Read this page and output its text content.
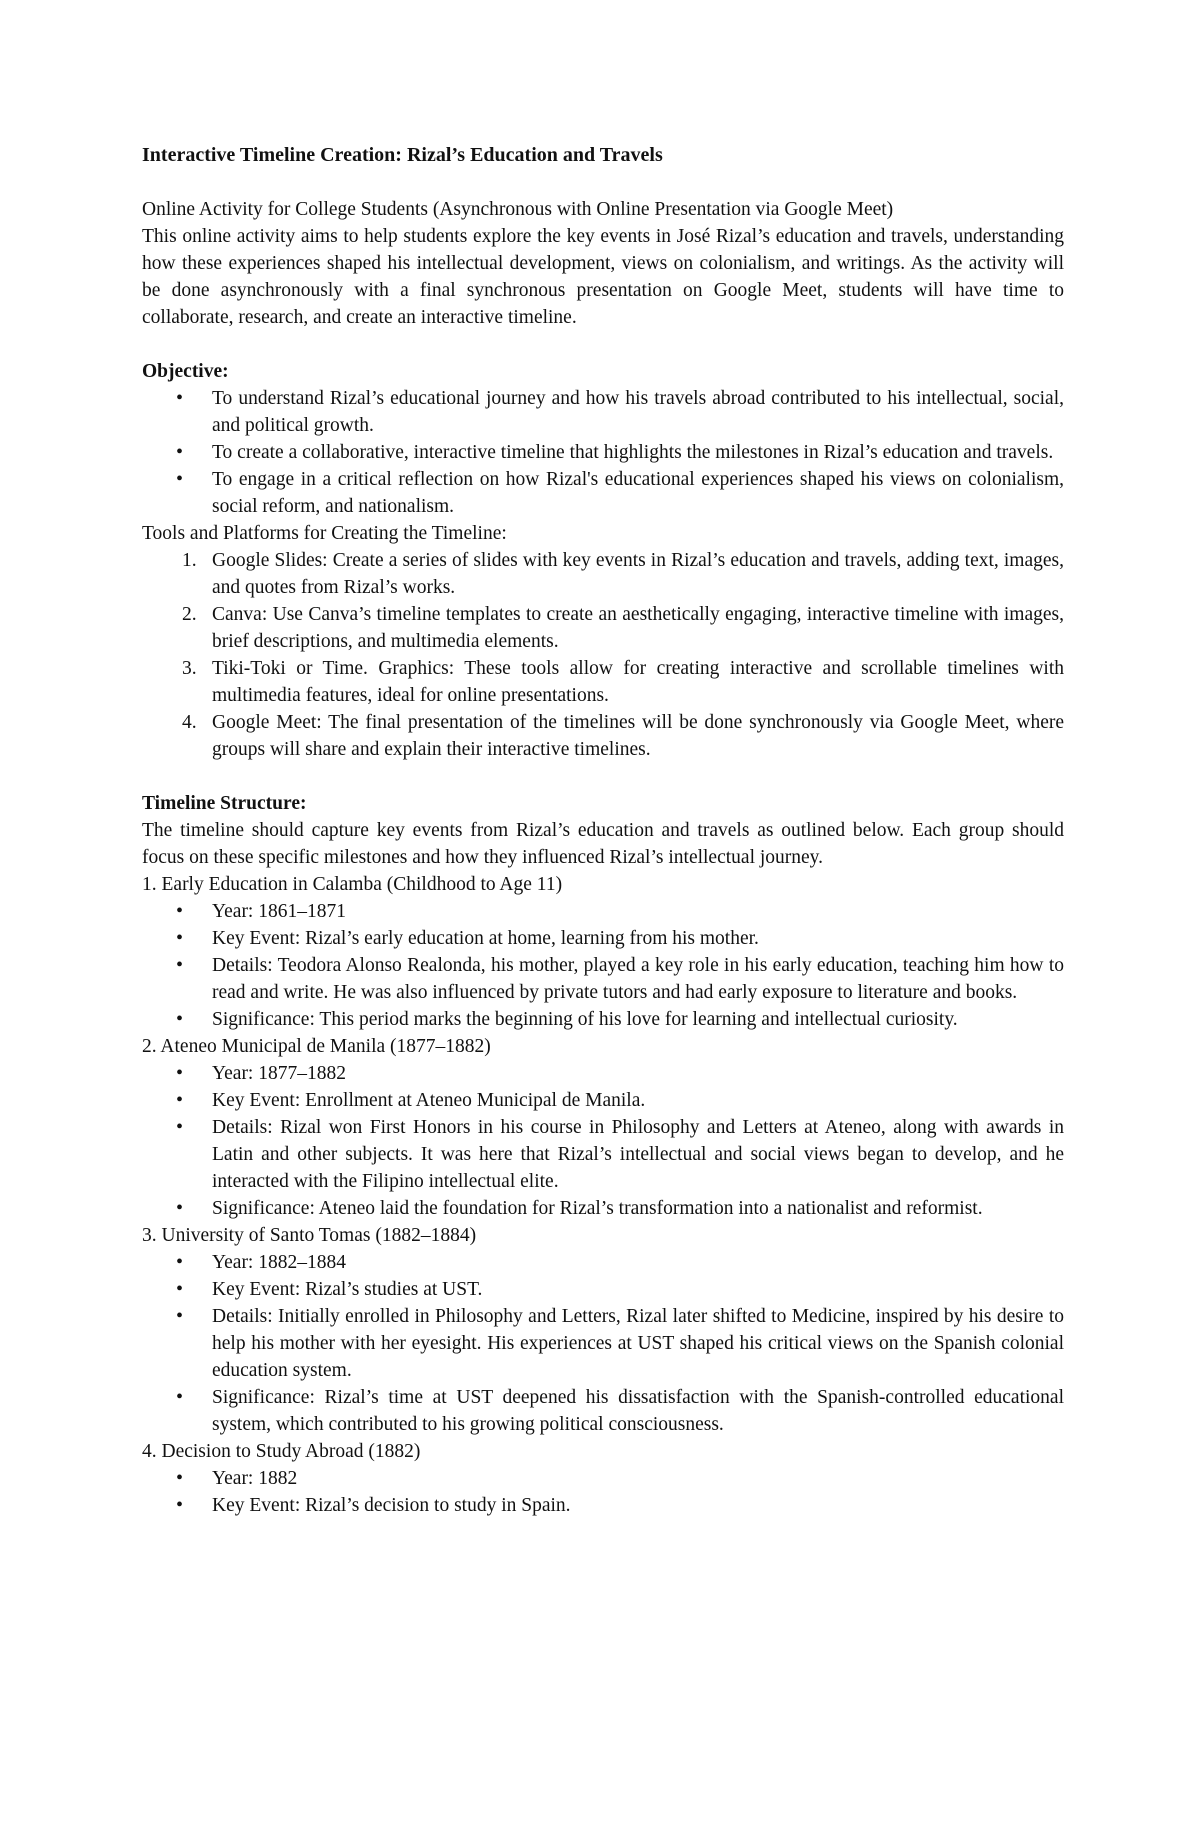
Interactive Timeline Creation: Rizal’s Education and Travels

Online Activity for College Students (Asynchronous with Online Presentation via Google Meet)

This online activity aims to help students explore the key events in José Rizal’s education and travels, understanding how these experiences shaped his intellectual development, views on colonialism, and writings. As the activity will be done asynchronously with a final synchronous presentation on Google Meet, students will have time to collaborate, research, and create an interactive timeline.

Objective:
• To understand Rizal’s educational journey and how his travels abroad contributed to his intellectual, social, and political growth.
• To create a collaborative, interactive timeline that highlights the milestones in Rizal’s education and travels.
• To engage in a critical reflection on how Rizal's educational experiences shaped his views on colonialism, social reform, and nationalism.
Tools and Platforms for Creating the Timeline:
1. Google Slides: Create a series of slides with key events in Rizal’s education and travels, adding text, images, and quotes from Rizal’s works.
2. Canva: Use Canva’s timeline templates to create an aesthetically engaging, interactive timeline with images, brief descriptions, and multimedia elements.
3. Tiki-Toki or Time. Graphics: These tools allow for creating interactive and scrollable timelines with multimedia features, ideal for online presentations.
4. Google Meet: The final presentation of the timelines will be done synchronously via Google Meet, where groups will share and explain their interactive timelines.
Timeline Structure:

The timeline should capture key events from Rizal’s education and travels as outlined below. Each group should focus on these specific milestones and how they influenced Rizal’s intellectual journey.

1. Early Education in Calamba (Childhood to Age 11)
• Year: 1861–1871
• Key Event: Rizal’s early education at home, learning from his mother.
• Details: Teodora Alonso Realonda, his mother, played a key role in his early education, teaching him how to read and write. He was also influenced by private tutors and had early exposure to literature and books.
• Significance: This period marks the beginning of his love for learning and intellectual curiosity.
2. Ateneo Municipal de Manila (1877–1882)
• Year: 1877–1882
• Key Event: Enrollment at Ateneo Municipal de Manila.
• Details: Rizal won First Honors in his course in Philosophy and Letters at Ateneo, along with awards in Latin and other subjects. It was here that Rizal’s intellectual and social views began to develop, and he interacted with the Filipino intellectual elite.
• Significance: Ateneo laid the foundation for Rizal’s transformation into a nationalist and reformist.
3. University of Santo Tomas (1882–1884)
• Year: 1882–1884
• Key Event: Rizal’s studies at UST.
• Details: Initially enrolled in Philosophy and Letters, Rizal later shifted to Medicine, inspired by his desire to help his mother with her eyesight. His experiences at UST shaped his critical views on the Spanish colonial education system.
• Significance: Rizal’s time at UST deepened his dissatisfaction with the Spanish-controlled educational system, which contributed to his growing political consciousness.
4. Decision to Study Abroad (1882)
• Year: 1882
• Key Event: Rizal’s decision to study in Spain.
